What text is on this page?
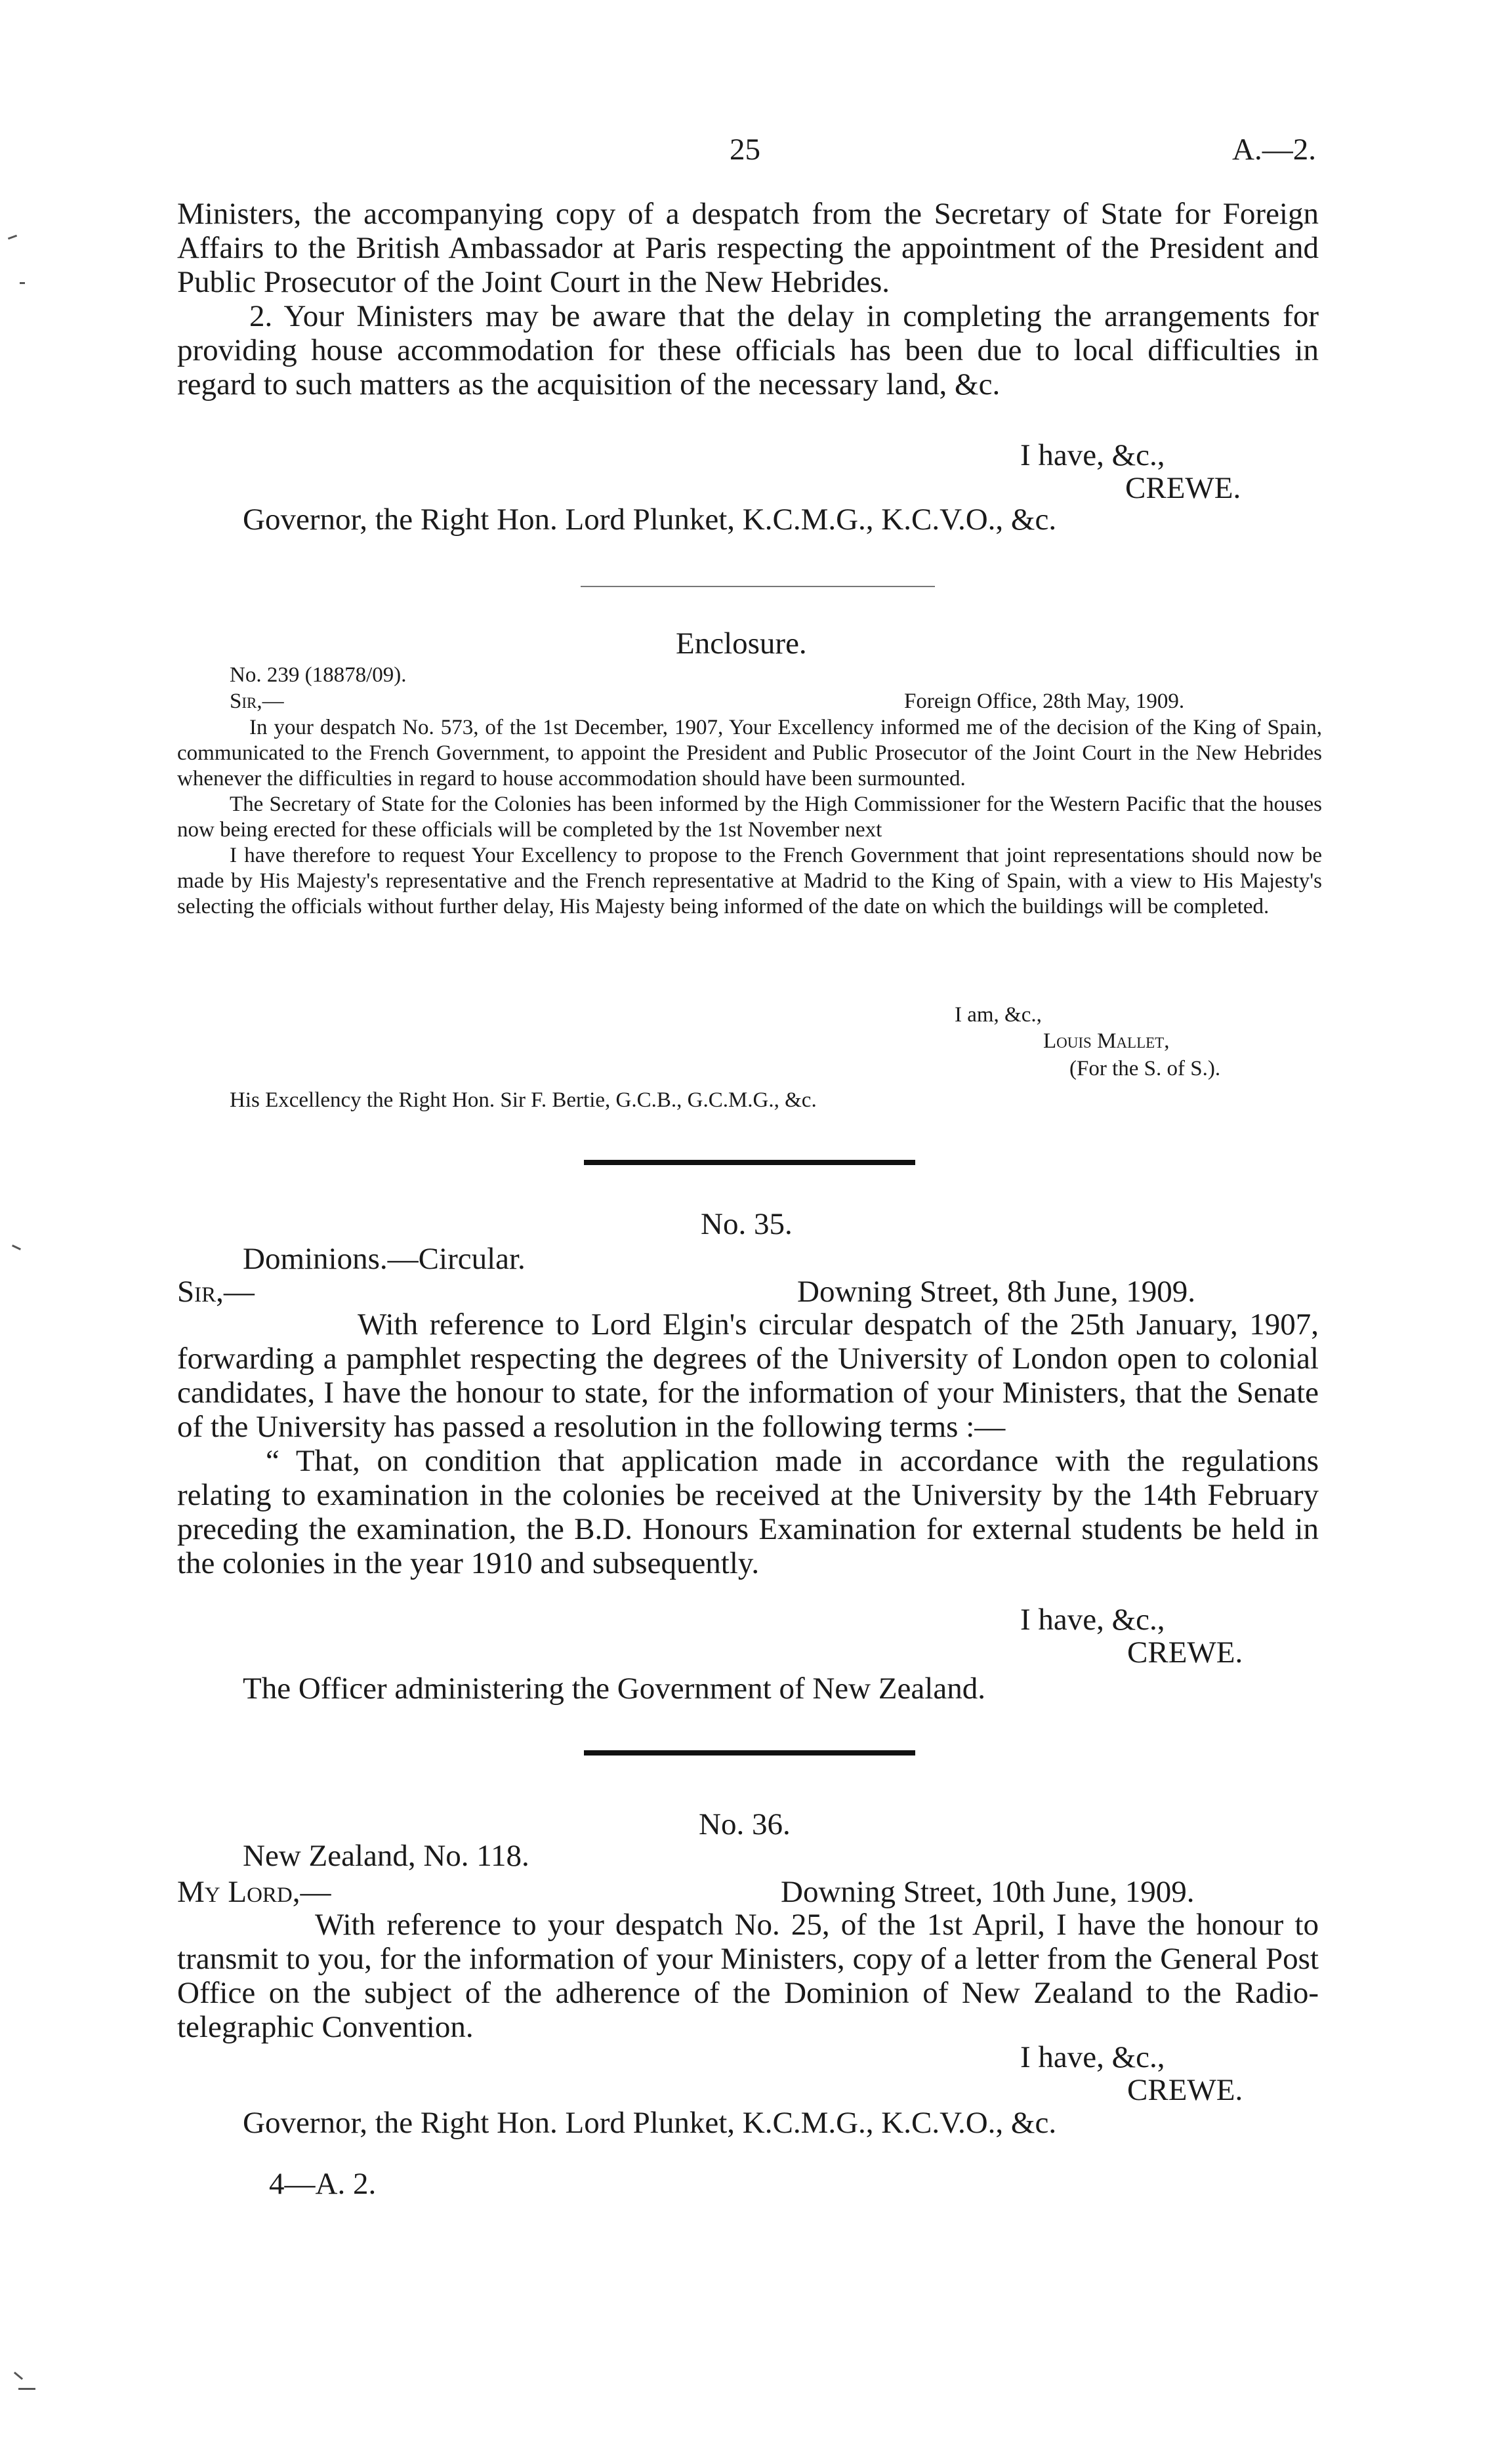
25	A.—2.

Ministers, the accompanying copy of a despatch from the Secretary of State for Foreign Affairs to the British Ambassador at Paris respecting the appointment of the President and Public Prosecutor of the Joint Court in the New Hebrides.

2. Your Ministers may be aware that the delay in completing the arrangements for providing house accommodation for these officials has been due to local difficulties in regard to such matters as the acquisition of the necessary land, &c.

I have, &c.,
CREWE.
Governor, the Right Hon. Lord Plunket, K.C.M.G., K.C.V.O., &c.
Enclosure.
No. 239 (18878/09).
Sir,—	Foreign Office, 28th May, 1909.

In your despatch No. 573, of the 1st December, 1907, Your Excellency informed me of the decision of the King of Spain, communicated to the French Government, to appoint the President and Public Prosecutor of the Joint Court in the New Hebrides whenever the difficulties in regard to house accommodation should have been surmounted.

The Secretary of State for the Colonies has been informed by the High Commissioner for the Western Pacific that the houses now being erected for these officials will be completed by the 1st November next

I have therefore to request Your Excellency to propose to the French Government that joint representations should now be made by His Majesty's representative and the French representative at Madrid to the King of Spain, with a view to His Majesty's selecting the officials without further delay, His Majesty being informed of the date on which the buildings will be completed.

I am, &c.,
Louis Mallet,
(For the S. of S.).
His Excellency the Right Hon. Sir F. Bertie, G.C.B., G.C.M.G., &c.
No. 35.
Dominions.—Circular.
Sir,—	Downing Street, 8th June, 1909.

With reference to Lord Elgin's circular despatch of the 25th January, 1907, forwarding a pamphlet respecting the degrees of the University of London open to colonial candidates, I have the honour to state, for the information of your Ministers, that the Senate of the University has passed a resolution in the following terms :—

“ That, on condition that application made in accordance with the regulations relating to examination in the colonies be received at the University by the 14th February preceding the examination, the B.D. Honours Examination for external students be held in the colonies in the year 1910 and subsequently.

I have, &c.,
CREWE.
The Officer administering the Government of New Zealand.
No. 36.
New Zealand, No. 118.
My Lord,—	Downing Street, 10th June, 1909.

With reference to your despatch No. 25, of the 1st April, I have the honour to transmit to you, for the information of your Ministers, copy of a letter from the General Post Office on the subject of the adherence of the Dominion of New Zealand to the Radio-telegraphic Convention.

I have, &c.,
CREWE.
Governor, the Right Hon. Lord Plunket, K.C.M.G., K.C.V.O., &c.
4—A. 2.
